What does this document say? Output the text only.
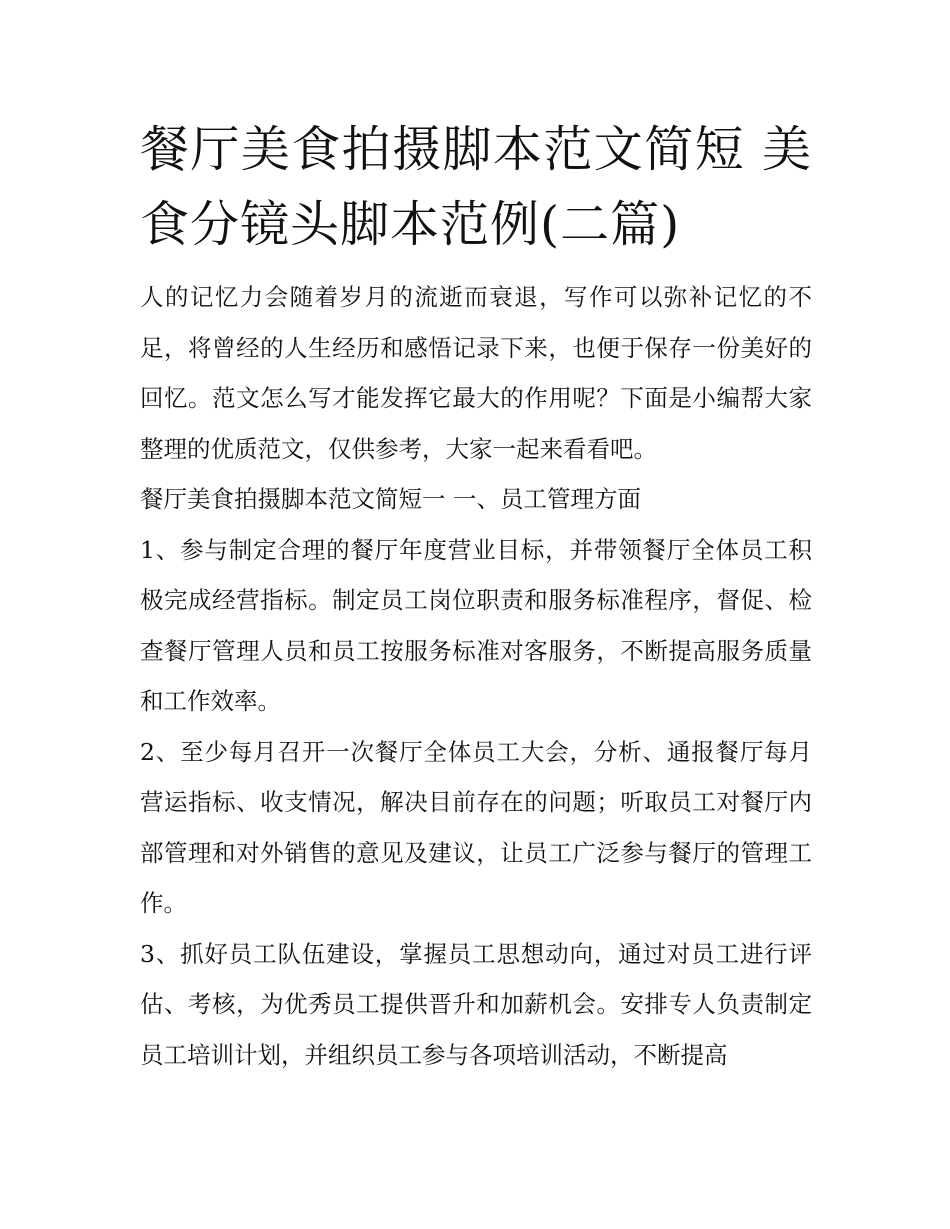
餐厅美食拍摄脚本范文简短 美食分镜头脚本范例(二篇)

人的记忆力会随着岁月的流逝而衰退，写作可以弥补记忆的不足，将曾经的人生经历和感悟记录下来，也便于保存一份美好的回忆。范文怎么写才能发挥它最大的作用呢？下面是小编帮大家整理的优质范文，仅供参考，大家一起来看看吧。

餐厅美食拍摄脚本范文简短一 一、员工管理方面

1、参与制定合理的餐厅年度营业目标，并带领餐厅全体员工积极完成经营指标。制定员工岗位职责和服务标准程序，督促、检查餐厅管理人员和员工按服务标准对客服务，不断提高服务质量和工作效率。

2、至少每月召开一次餐厅全体员工大会，分析、通报餐厅每月营运指标、收支情况，解决目前存在的问题；听取员工对餐厅内部管理和对外销售的意见及建议，让员工广泛参与餐厅的管理工作。

3、抓好员工队伍建设，掌握员工思想动向，通过对员工进行评估、考核，为优秀员工提供晋升和加薪机会。安排专人负责制定员工培训计划，并组织员工参与各项培训活动，不断提高
